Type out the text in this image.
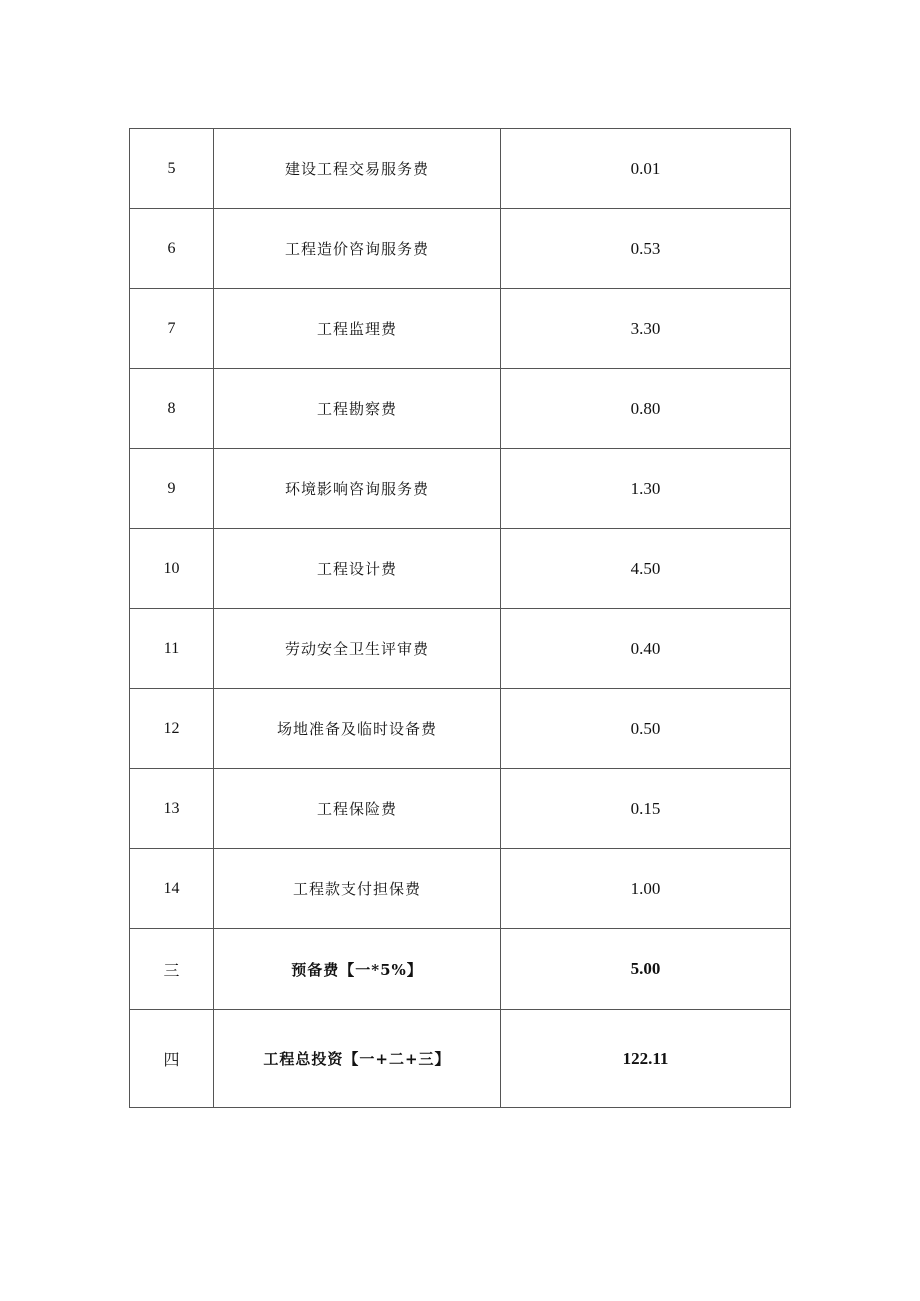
5	建设工程交易服务费	0.01
6	工程造价咨询服务费	0.53
7	工程监理费	3.30
8	工程勘察费	0.80
9	环境影响咨询服务费	1.30
10	工程设计费	4.50
11	劳动安全卫生评审费	0.40
12	场地准备及临时设备费	0.50
13	工程保险费	0.15
14	工程款支付担保费	1.00
三	预备费【一*5%】	5.00
四	工程总投资【一+二+三】	122.11
